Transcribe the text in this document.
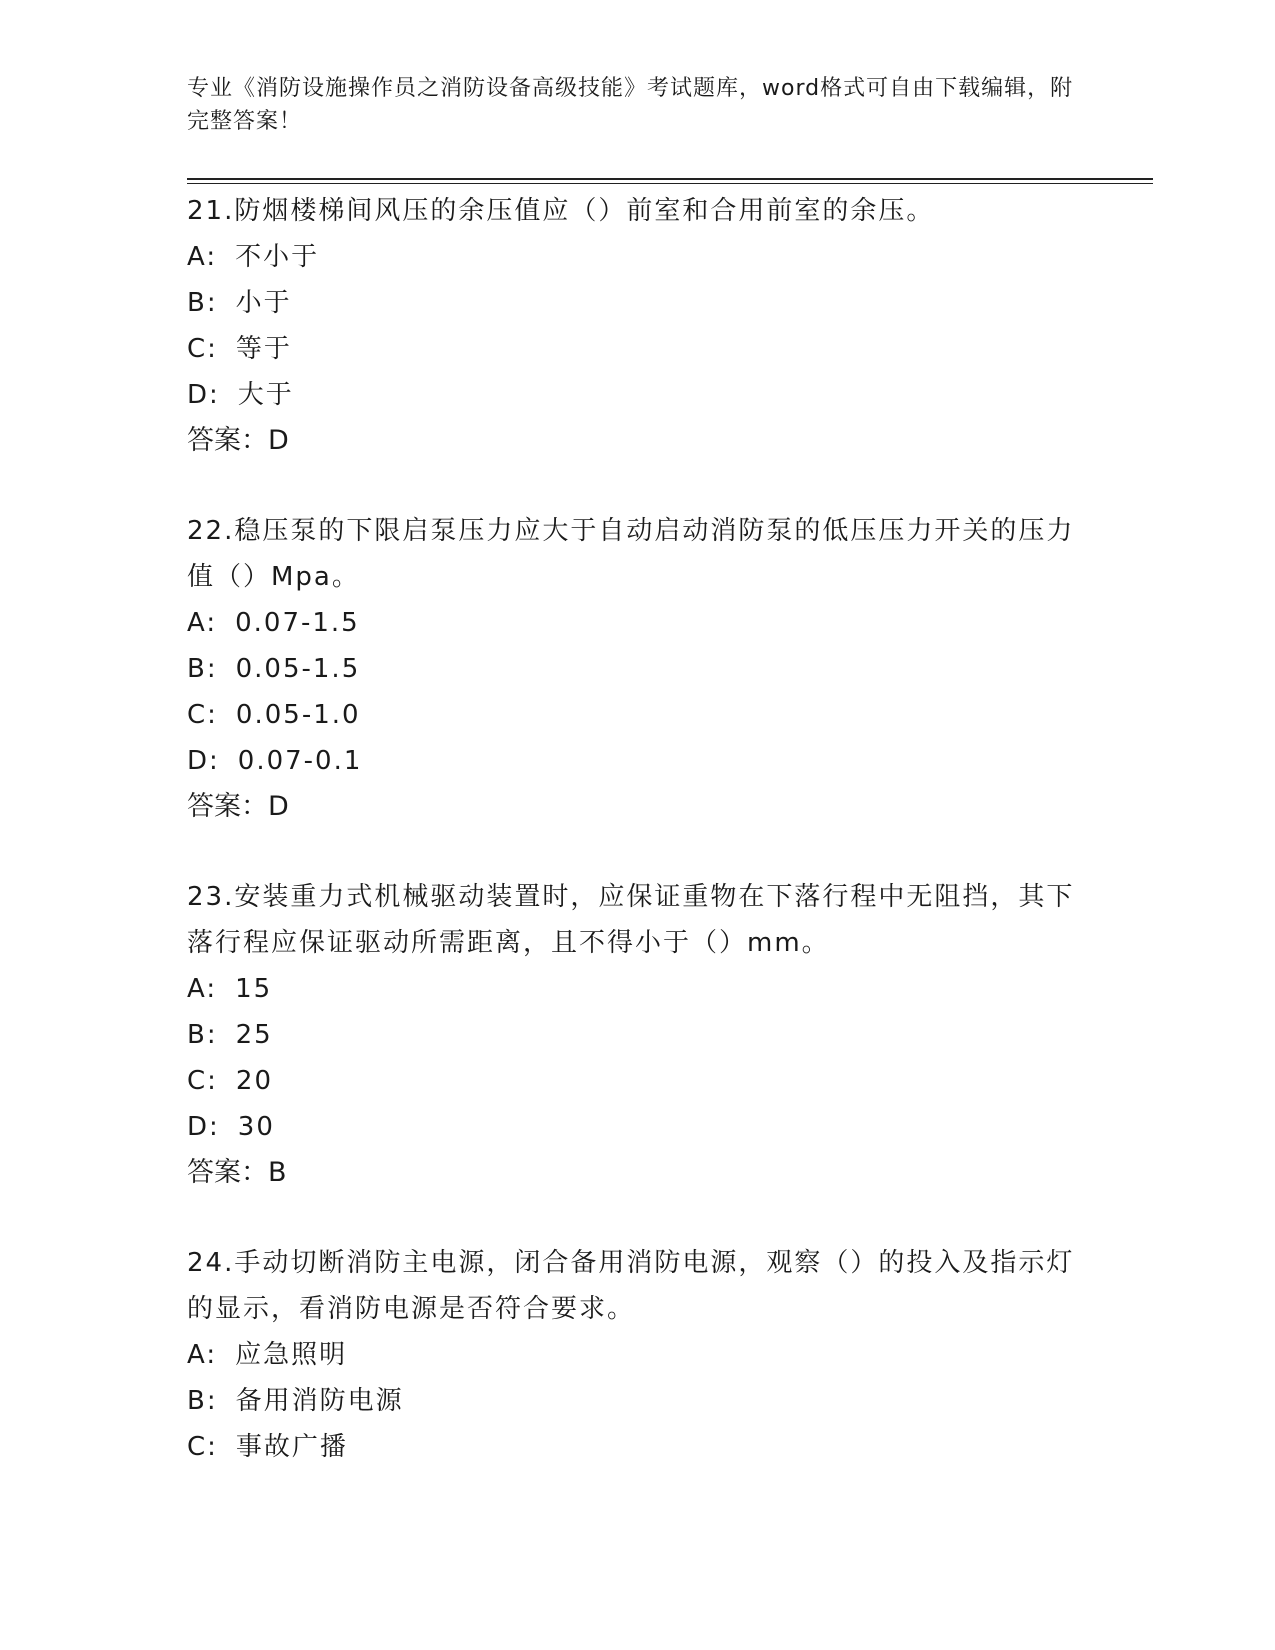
专业《消防设施操作员之消防设备高级技能》考试题库，word格式可自由下载编辑，附完整答案！

21.防烟楼梯间风压的余压值应（）前室和合用前室的余压。

A: 不小于

B: 小于

C: 等于

D: 大于

答案：D

22.稳压泵的下限启泵压力应大于自动启动消防泵的低压压力开关的压力值（）Mpa。

A: 0.07-1.5

B: 0.05-1.5

C: 0.05-1.0

D: 0.07-0.1

答案：D

23.安装重力式机械驱动装置时，应保证重物在下落行程中无阻挡，其下落行程应保证驱动所需距离，且不得小于（）mm。

A: 15

B: 25

C: 20

D: 30

答案：B

24.手动切断消防主电源，闭合备用消防电源，观察（）的投入及指示灯的显示，看消防电源是否符合要求。

A: 应急照明

B: 备用消防电源

C: 事故广播
